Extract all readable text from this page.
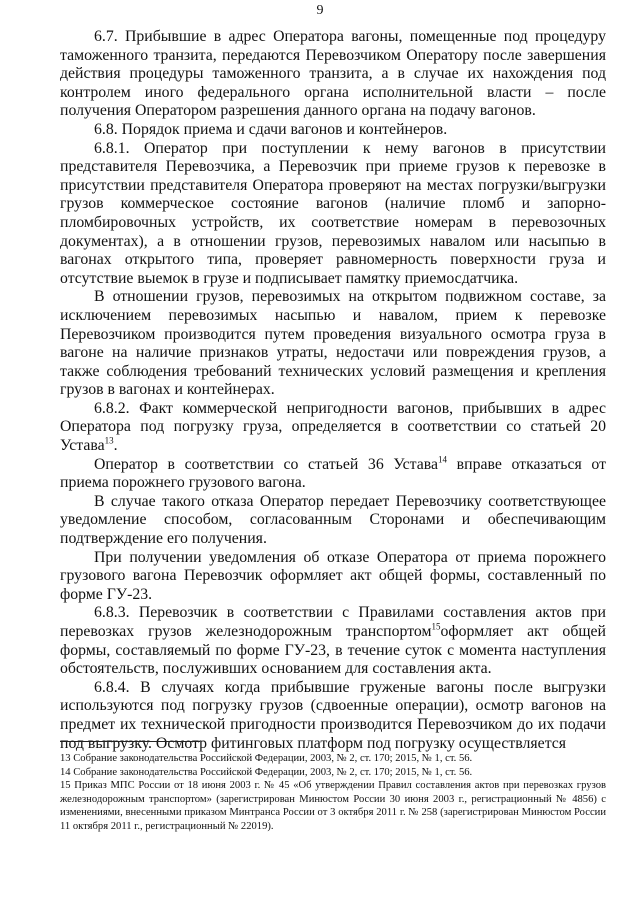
9

6.7. Прибывшие в адрес Оператора вагоны, помещенные под процедуру таможенного транзита, передаются Перевозчиком Оператору после завершения действия процедуры таможенного транзита, а в случае их нахождения под контролем иного федерального органа исполнительной власти – после получения Оператором разрешения данного органа на подачу вагонов.

6.8. Порядок приема и сдачи вагонов и контейнеров.

6.8.1. Оператор при поступлении к нему вагонов в присутствии представителя Перевозчика, а Перевозчик при приеме грузов к перевозке в присутствии представителя Оператора проверяют на местах погрузки/выгрузки грузов коммерческое состояние вагонов (наличие пломб и запорно-пломбировочных устройств, их соответствие номерам в перевозочных документах), а в отношении грузов, перевозимых навалом или насыпью в вагонах открытого типа, проверяет равномерность поверхности груза и отсутствие выемок в грузе и подписывает памятку приемосдатчика.

В отношении грузов, перевозимых на открытом подвижном составе, за исключением перевозимых насыпью и навалом, прием к перевозке Перевозчиком производится путем проведения визуального осмотра груза в вагоне на наличие признаков утраты, недостачи или повреждения грузов, а также соблюдения требований технических условий размещения и крепления грузов в вагонах и контейнерах.

6.8.2. Факт коммерческой непригодности вагонов, прибывших в адрес Оператора под погрузку груза, определяется в соответствии со статьей 20 Устава$^{13}$.

Оператор в соответствии со статьей 36 Устава$^{14}$ вправе отказаться от приема порожнего грузового вагона.

В случае такого отказа Оператор передает Перевозчику соответствующее уведомление способом, согласованным Сторонами и обеспечивающим подтверждение его получения.

При получении уведомления об отказе Оператора от приема порожнего грузового вагона Перевозчик оформляет акт общей формы, составленный по форме ГУ-23.

6.8.3. Перевозчик в соответствии с Правилами составления актов при перевозках грузов железнодорожным транспортом$^{15}$оформляет акт общей формы, составляемый по форме ГУ-23, в течение суток с момента наступления обстоятельств, послуживших основанием для составления акта.

6.8.4. В случаях когда прибывшие груженые вагоны после выгрузки используются под погрузку грузов (сдвоенные операции), осмотр вагонов на предмет их технической пригодности производится Перевозчиком до их подачи под выгрузку. Осмотр фитинговых платформ под погрузку осуществляется

13 Собрание законодательства Российской Федерации, 2003, № 2, ст. 170; 2015, № 1, ст. 56.
14 Собрание законодательства Российской Федерации, 2003, № 2, ст. 170; 2015, № 1, ст. 56.
15 Приказ МПС России от 18 июня 2003 г. № 45 «Об утверждении Правил составления актов при перевозках грузов железнодорожным транспортом» (зарегистрирован Минюстом России 30 июня 2003 г., регистрационный № 4856) с изменениями, внесенными приказом Минтранса России от 3 октября 2011 г. № 258 (зарегистрирован Минюстом России 11 октября 2011 г., регистрационный № 22019).
